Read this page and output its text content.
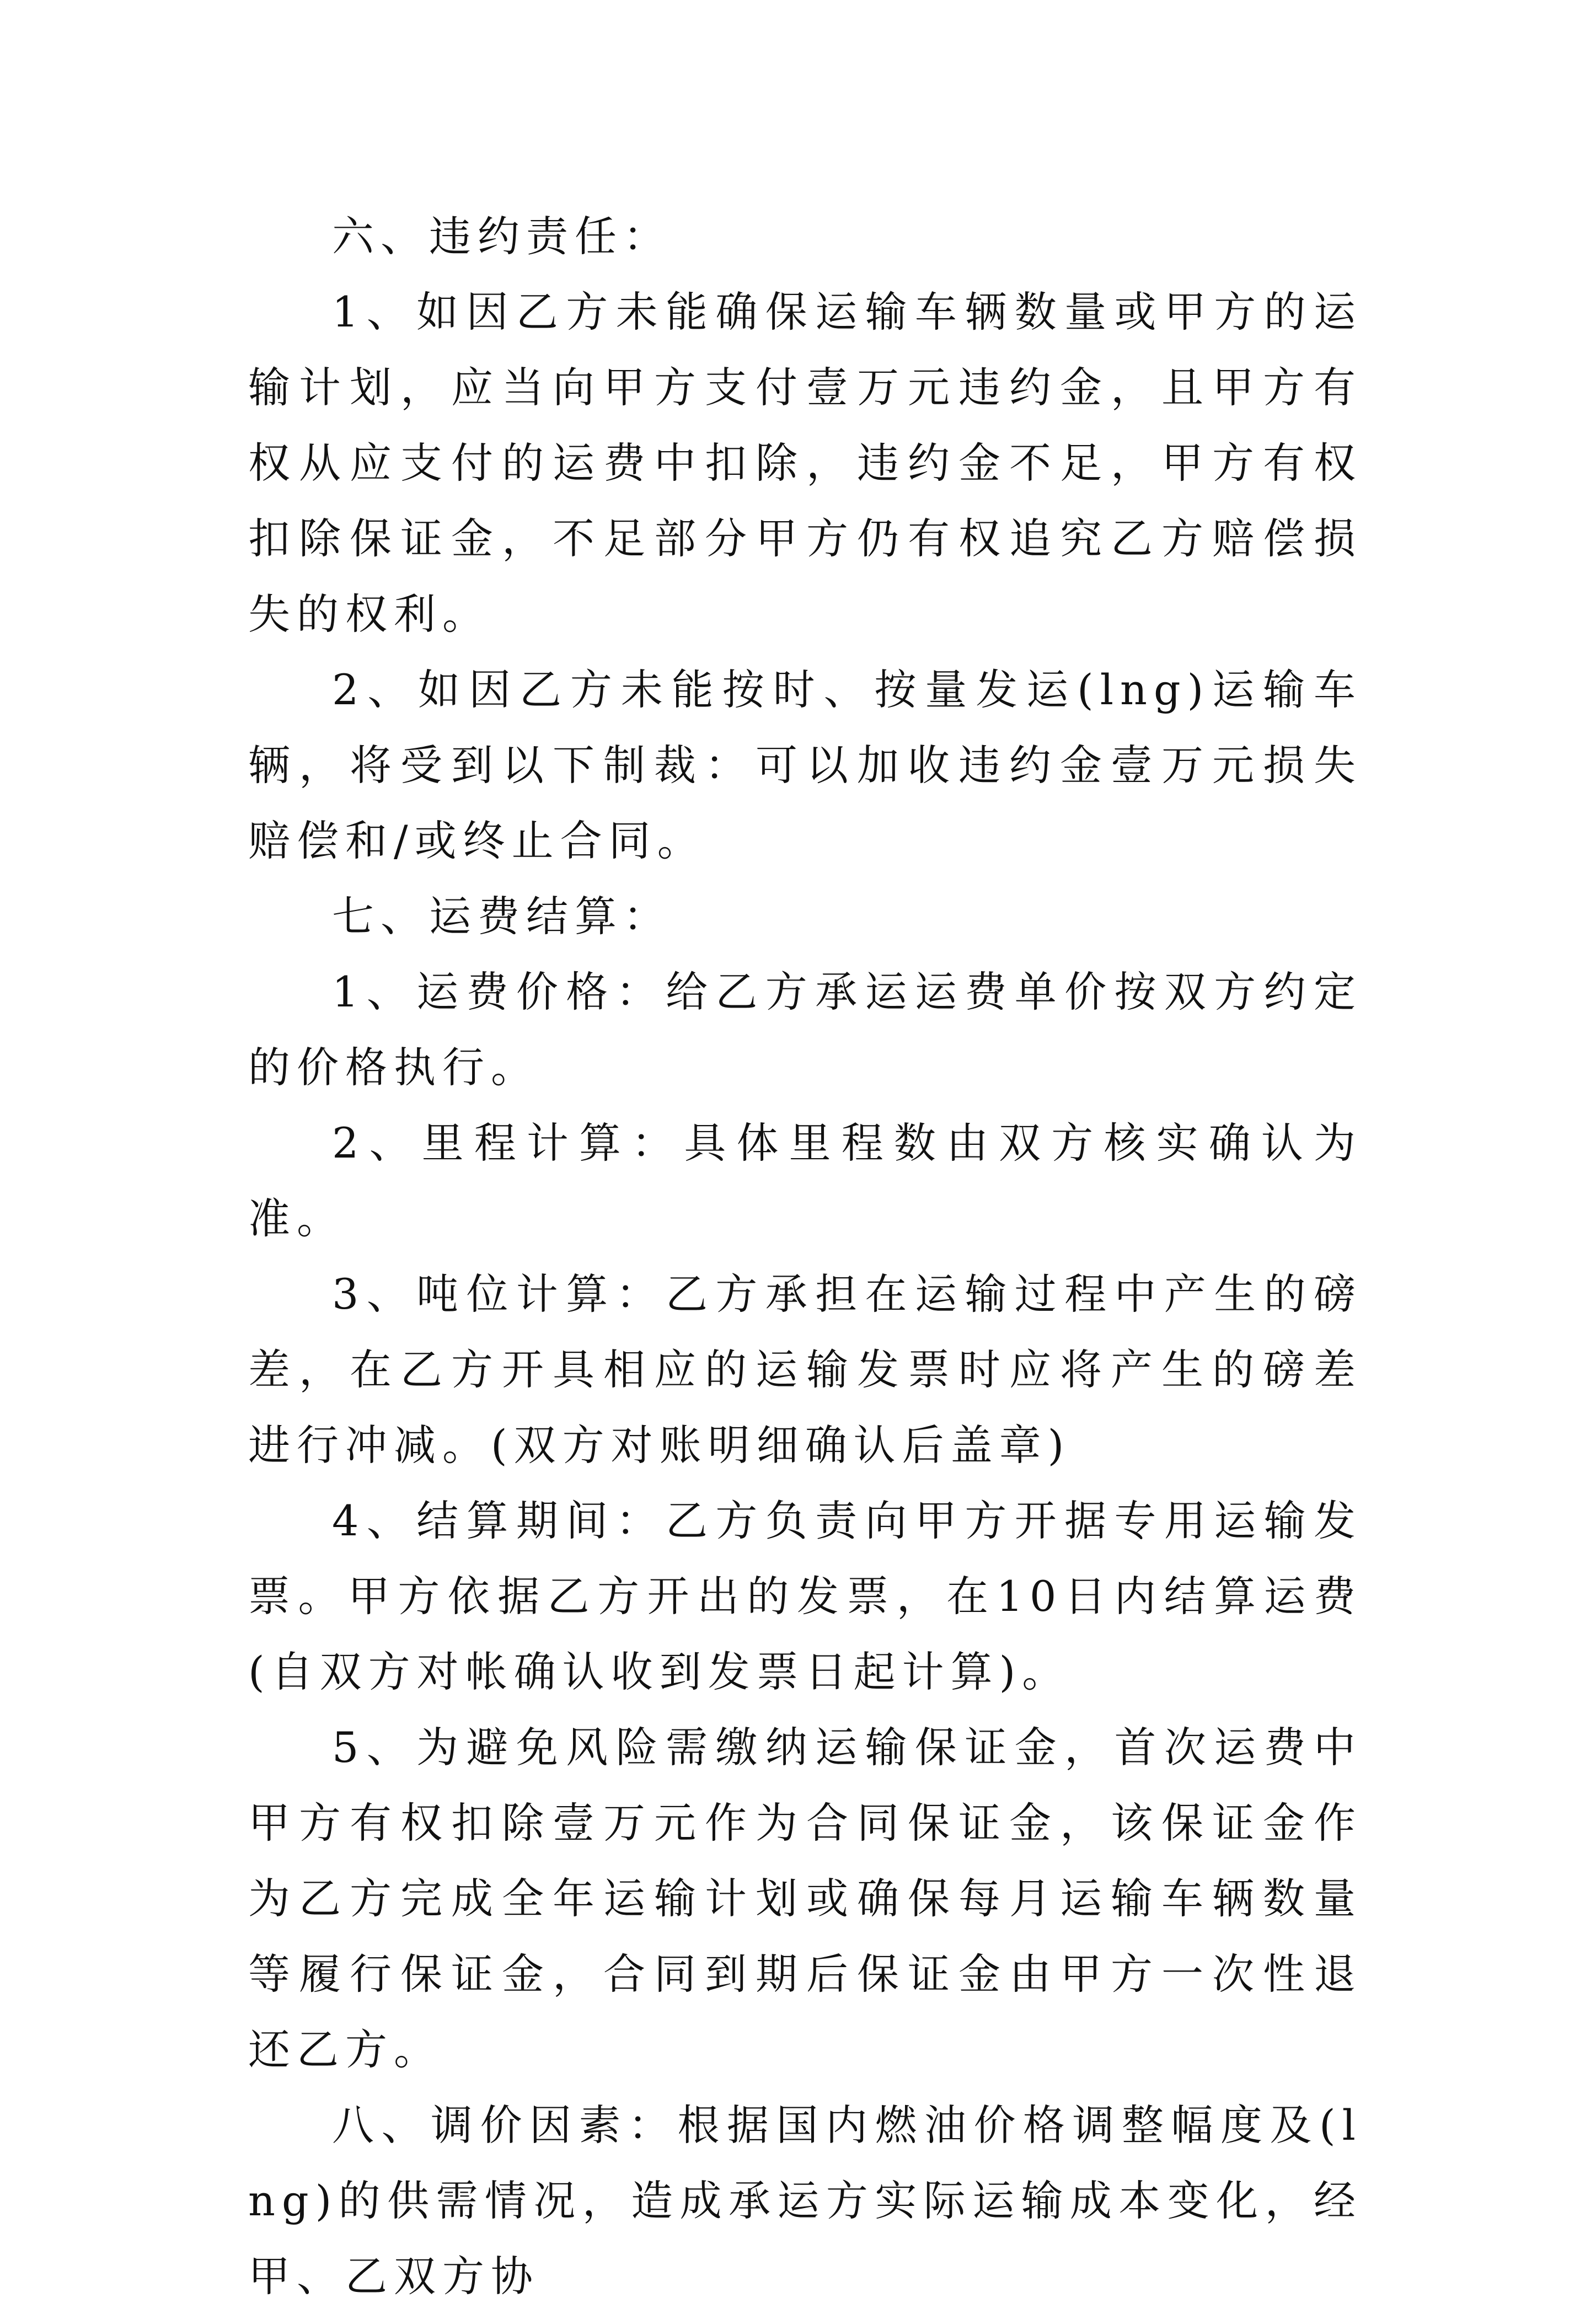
六、违约责任：

1、如因乙方未能确保运输车辆数量或甲方的运输计划，应当向甲方支付壹万元违约金，且甲方有权从应支付的运费中扣除，违约金不足，甲方有权扣除保证金，不足部分甲方仍有权追究乙方赔偿损失的权利。

2、如因乙方未能按时、按量发运(lng)运输车辆，将受到以下制裁：可以加收违约金壹万元损失赔偿和/或终止合同。

七、运费结算：

1、运费价格：给乙方承运运费单价按双方约定的价格执行。

2、里程计算：具体里程数由双方核实确认为准。

3、吨位计算：乙方承担在运输过程中产生的磅差，在乙方开具相应的运输发票时应将产生的磅差进行冲减。(双方对账明细确认后盖章)

4、结算期间：乙方负责向甲方开据专用运输发票。甲方依据乙方开出的发票，在10日内结算运费(自双方对帐确认收到发票日起计算)。

5、为避免风险需缴纳运输保证金，首次运费中甲方有权扣除壹万元作为合同保证金，该保证金作为乙方完成全年运输计划或确保每月运输车辆数量等履行保证金，合同到期后保证金由甲方一次性退还乙方。

八、调价因素：根据国内燃油价格调整幅度及(lng)的供需情况，造成承运方实际运输成本变化，经甲、乙双方协
